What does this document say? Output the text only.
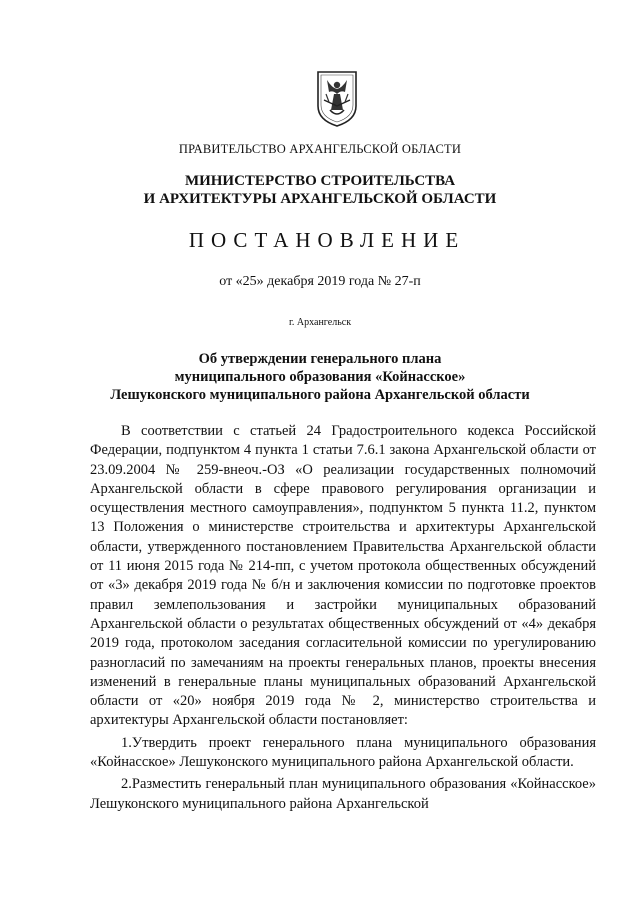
ПРАВИТЕЛЬСТВО АРХАНГЕЛЬСКОЙ ОБЛАСТИ
МИНИСТЕРСТВО СТРОИТЕЛЬСТВА
И АРХИТЕКТУРЫ АРХАНГЕЛЬСКОЙ ОБЛАСТИ
ПОСТАНОВЛЕНИЕ
от «25» декабря 2019 года № 27-п
г. Архангельск
Об утверждении генерального плана
муниципального образования «Койнасское»
Лешуконского муниципального района Архангельской области

В соответствии с статьей 24 Градостроительного кодекса Российской Федерации, подпунктом 4 пункта 1 статьи 7.6.1 закона Архангельской области от 23.09.2004 № 259-внеоч.-ОЗ «О реализации государственных полномочий Архангельской области в сфере правового регулирования организации и осуществления местного самоуправления», подпунктом 5 пункта 11.2, пунктом 13 Положения о министерстве строительства и архитектуры Архангельской области, утвержденного постановлением Правительства Архангельской области от 11 июня 2015 года № 214-пп, с учетом протокола общественных обсуждений от «3» декабря 2019 года № б/н и заключения комиссии по подготовке проектов правил землепользования и застройки муниципальных образований Архангельской области о результатах общественных обсуждений от «4» декабря 2019 года, протоколом заседания согласительной комиссии по урегулированию разногласий по замечаниям на проекты генеральных планов, проекты внесения изменений в генеральные планы муниципальных образований Архангельской области от «20» ноября 2019 года № 2, министерство строительства и архитектуры Архангельской области постановляет:

1.Утвердить проект генерального плана муниципального образования «Койнасское» Лешуконского муниципального района Архангельской области.

2.Разместить генеральный план муниципального образования «Койнасское» Лешуконского муниципального района Архангельской
